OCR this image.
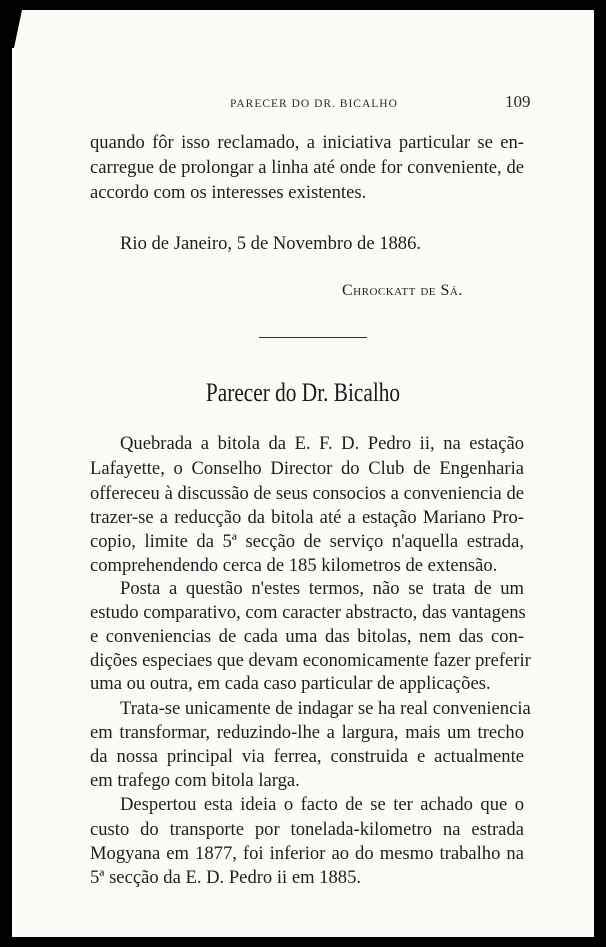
PARECER DO DR. BICALHO	109
quando fôr isso reclamado, a iniciativa particular se en-
carregue de prolongar a linha até onde for conveniente, de
accordo com os interesses existentes.
Rio de Janeiro, 5 de Novembro de 1886.
Chrockatt de Sá.
Parecer do Dr. Bicalho
Quebrada a bitola da E. F. D. Pedro ii, na estação
Lafayette, o Conselho Director do Club de Engenharia
offereceu à discussão de seus consocios a conveniencia de
trazer-se a reducção da bitola até a estação Mariano Pro-
copio, limite da 5ª secção de serviço n'aquella estrada,
comprehendendo cerca de 185 kilometros de extensão.
Posta a questão n'estes termos, não se trata de um
estudo comparativo, com caracter abstracto, das vantagens
e conveniencias de cada uma das bitolas, nem das con-
dições especiaes que devam economicamente fazer preferir
uma ou outra, em cada caso particular de applicações.
Trata-se unicamente de indagar se ha real conveniencia
em transformar, reduzindo-lhe a largura, mais um trecho
da nossa principal via ferrea, construida e actualmente
em trafego com bitola larga.
Despertou esta ideia o facto de se ter achado que o
custo do transporte por tonelada-kilometro na estrada
Mogyana em 1877, foi inferior ao do mesmo trabalho na
5ª secção da E. D. Pedro ii em 1885.
